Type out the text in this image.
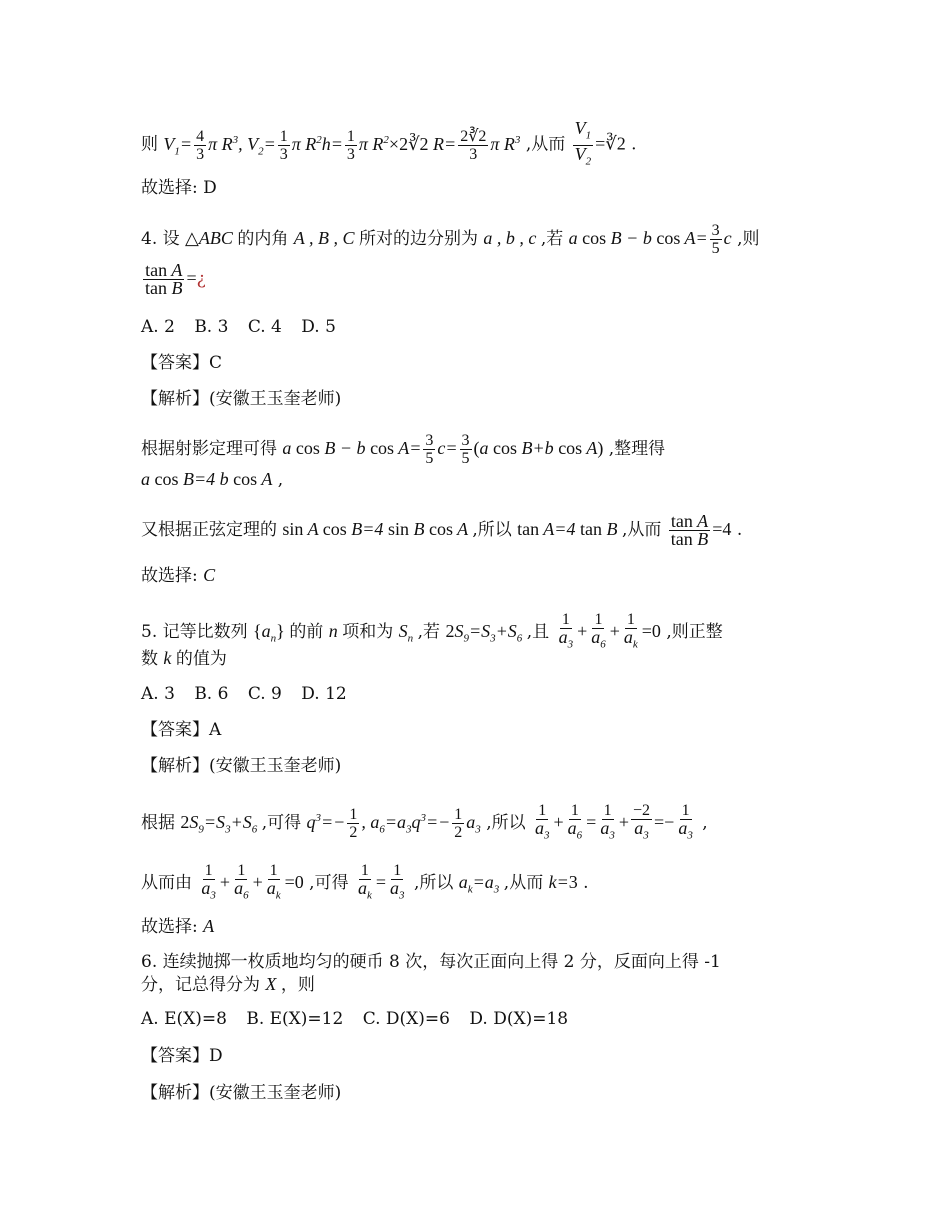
则 $V_1= \frac{4}{3}$ π $R^3$, $V_2= \frac{1}{3}$ π $R^2h= \frac{1}{3}$ π $R^2\times 2∛2$ $R= \frac{2∛2}{3}$ π $R^3$ ,从而 $\frac{V_1}{V_2}$ =∛2 .
故选择: D
4. 设 △ABC 的内角 A , B , C 所对的边分别为 a , b , c ,若 a cos B − b $\cos A= \frac{3}{5}$ c ,则
$\frac{\text{tan A}}{\text{tan B}}$ =¿
A. 2 B. 3 C. 4 D. 5
【答案】C
【解析】(安徽王玉奎老师)
根据射影定理可得 a cos B − b $\cos A= \frac{3}{5} c= \frac{3}{5} (a$ cos B+b cos A) ,整理得
a cos B=4 b cos A ,
又根据正弦定理的 sin A cos B=4 sin B cos A ,所以 tan A=4 tan B ,从而 $\frac{\text{tan A}}{\text{tan B}} =4$ .
故选择: C
5. 记等比数列 $\{a_n\}$ 的前 n 项和为 $S_n$ ,若 $2S_9=S_3+S_6$ ,且 $\frac{1}{a_3} + \frac{1}{a_6} + \frac{1}{a_k} =0$ ,则正整
数 k 的值为
A. 3 B. 6 C. 9 D. 12
【答案】A
【解析】(安徽王玉奎老师)
根据 $2S_9=S_3+S_6$ ,可得 $q^3=- \frac{1}{2}$ , $a_6=a_3q^3=- \frac{1}{2} a_3$ ,所以 $\frac{1}{a_3} + \frac{1}{a_6} = \frac{1}{a_3} + \frac{-2}{a_3} =- \frac{1}{a_3}$ ,
从而由 $\frac{1}{a_3} + \frac{1}{a_6} + \frac{1}{a_k} =0$ ,可得 $\frac{1}{a_k} = \frac{1}{a_3}$ ,所以 $a_k=a_3$ ,从而 k=3 .
故选择: A
6. 连续抛掷一枚质地均匀的硬币 8 次，每次正面向上得 2 分，反面向上得 -1
分，记总得分为 X ，则
A. E(X)=8 B. E(X)=12 C. D(X)=6 D. D(X)=18
【答案】D
【解析】(安徽王玉奎老师)
